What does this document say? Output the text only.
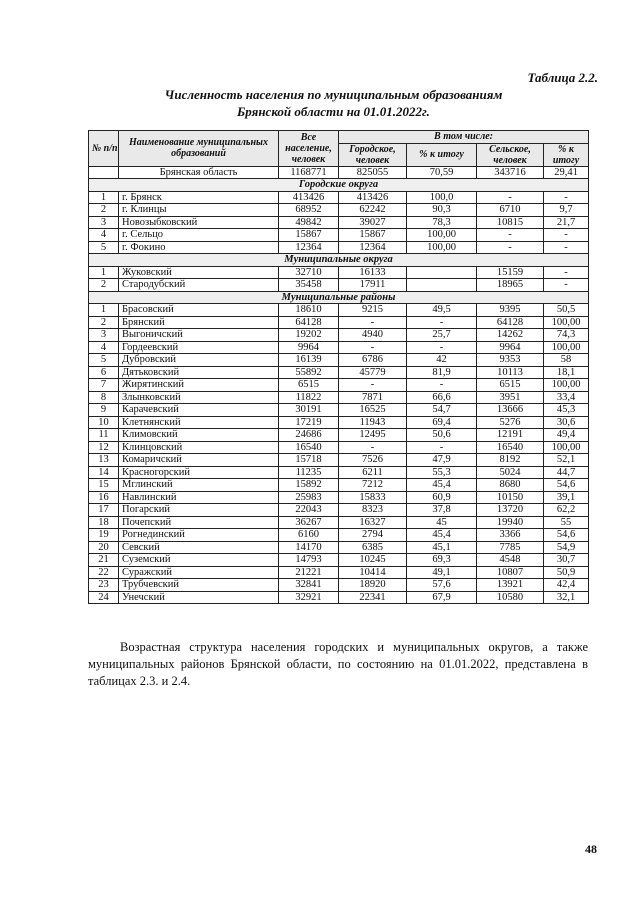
Таблица 2.2.
Численность населения по муниципальным образованиям
Брянской области на 01.01.2022г.
№ п/п	Наименование муниципальных образований	Все население, человек	В том числе:			
			Городское, человек	% к итогу	Сельское, человек	% к итогу
	Брянская область	1168771	825055	70,59	343716	29,41
Городские округа						
1	г. Брянск	413426	413426	100,0	-	-
2	г. Клинцы	68952	62242	90,3	6710	9,7
3	Новозыбковский	49842	39027	78,3	10815	21,7
4	г. Сельцо	15867	15867	100,00	-	-
5	г. Фокино	12364	12364	100,00	-	-
Муниципальные округа						
1	Жуковский	32710	16133		15159	-
2	Стародубский	35458	17911		18965	-
Муниципальные районы						
1	Брасовский	18610	9215	49,5	9395	50,5
2	Брянский	64128	-	-	64128	100,00
3	Выгоничский	19202	4940	25,7	14262	74,3
4	Гордеевский	9964	-	-	9964	100,00
5	Дубровский	16139	6786	42	9353	58
6	Дятьковский	55892	45779	81,9	10113	18,1
7	Жирятинский	6515	-	-	6515	100,00
8	Злынковский	11822	7871	66,6	3951	33,4
9	Карачевский	30191	16525	54,7	13666	45,3
10	Клетнянский	17219	11943	69,4	5276	30,6
11	Климовский	24686	12495	50,6	12191	49,4
12	Клинцовский	16540	-	-	16540	100,00
13	Комаричский	15718	7526	47,9	8192	52,1
14	Красногорский	11235	6211	55,3	5024	44,7
15	Мглинский	15892	7212	45,4	8680	54,6
16	Навлинский	25983	15833	60,9	10150	39,1
17	Погарский	22043	8323	37,8	13720	62,2
18	Почепский	36267	16327	45	19940	55
19	Рогнединский	6160	2794	45,4	3366	54,6
20	Севский	14170	6385	45,1	7785	54,9
21	Суземский	14793	10245	69,3	4548	30,7
22	Суражский	21221	10414	49,1	10807	50,9
23	Трубчевский	32841	18920	57,6	13921	42,4
24	Унечский	32921	22341	67,9	10580	32,1
Возрастная структура населения городских и муниципальных округов, а также муниципальных районов Брянской области, по состоянию на 01.01.2022, представлена в таблицах 2.3. и 2.4.
48
